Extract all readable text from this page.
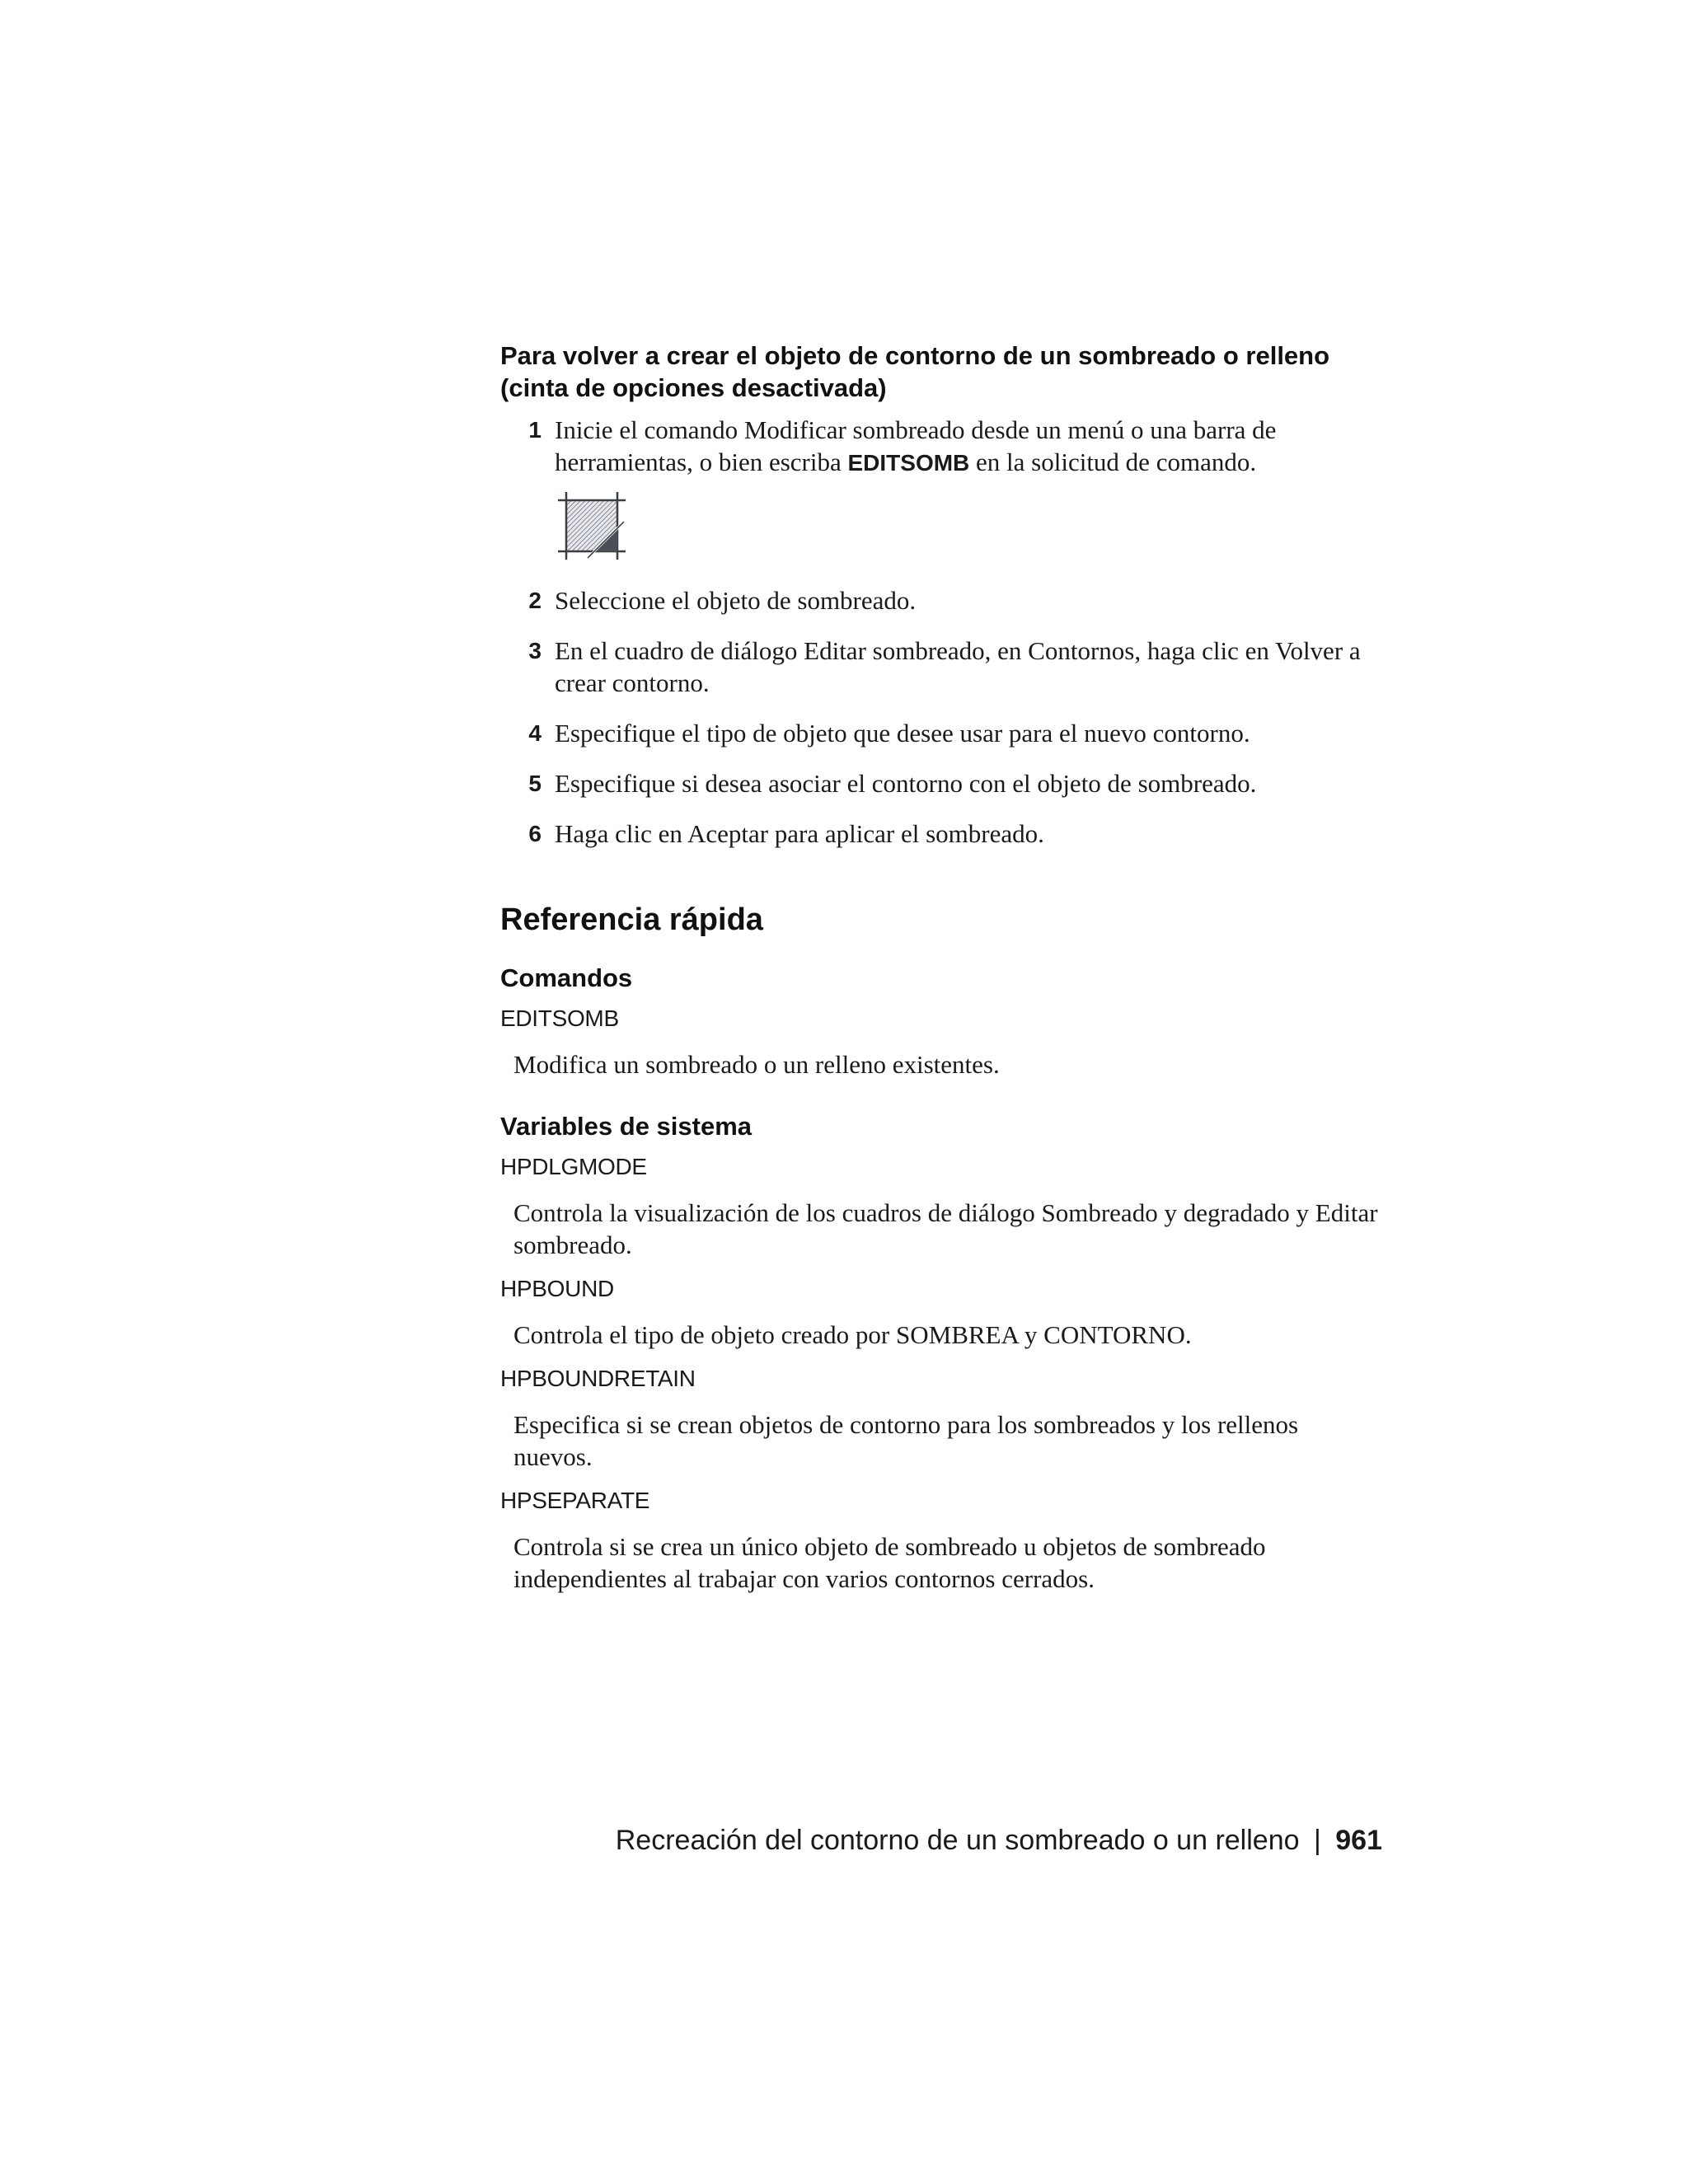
Para volver a crear el objeto de contorno de un sombreado o relleno (cinta de opciones desactivada)
1 Inicie el comando Modificar sombreado desde un menú o una barra de herramientas, o bien escriba EDITSOMB en la solicitud de comando.
2 Seleccione el objeto de sombreado.
3 En el cuadro de diálogo Editar sombreado, en Contornos, haga clic en Volver a crear contorno.
4 Especifique el tipo de objeto que desee usar para el nuevo contorno.
5 Especifique si desea asociar el contorno con el objeto de sombreado.
6 Haga clic en Aceptar para aplicar el sombreado.
Referencia rápida
Comandos
EDITSOMB

Modifica un sombreado o un relleno existentes.

Variables de sistema
HPDLGMODE

Controla la visualización de los cuadros de diálogo Sombreado y degradado y Editar sombreado.

HPBOUND

Controla el tipo de objeto creado por SOMBREA y CONTORNO.

HPBOUNDRETAIN

Especifica si se crean objetos de contorno para los sombreados y los rellenos nuevos.

HPSEPARATE

Controla si se crea un único objeto de sombreado u objetos de sombreado independientes al trabajar con varios contornos cerrados.

Recreación del contorno de un sombreado o un relleno | 961
